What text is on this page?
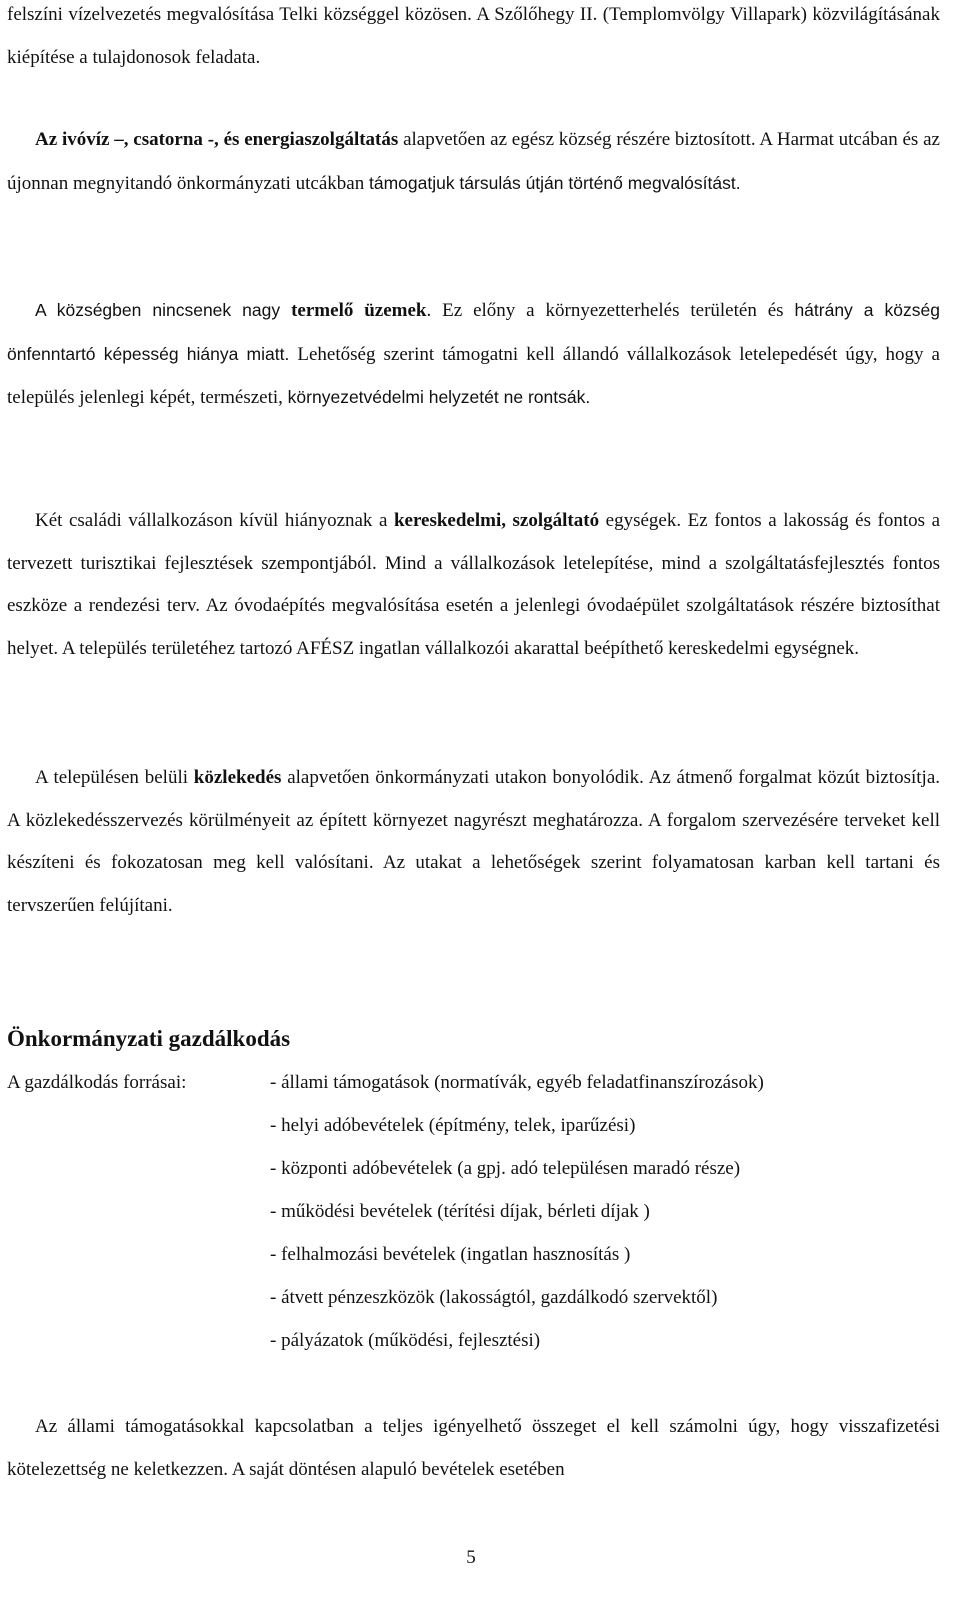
felszíni vízelvezetés megvalósítása Telki községgel közösen. A Szőlőhegy II. (Templomvölgy Villapark) közvilágításának kiépítése a tulajdonosok feladata.

Az ivóvíz –, csatorna -, és energiaszolgáltatás alapvetően az egész község részére biztosított. A Harmat utcában és az újonnan megnyitandó önkormányzati utcákban támogatjuk társulás útján történő megvalósítást.

A községben nincsenek nagy termelő üzemek. Ez előny a környezetterhelés területén és hátrány a község önfenntartó képesség hiánya miatt. Lehetőség szerint támogatni kell állandó vállalkozások letelepedését úgy, hogy a település jelenlegi képét, természeti, környezetvédelmi helyzetét ne rontsák.

Két családi vállalkozáson kívül hiányoznak a kereskedelmi, szolgáltató egységek. Ez fontos a lakosság és fontos a tervezett turisztikai fejlesztések szempontjából. Mind a vállalkozások letelepítése, mind a szolgáltatásfejlesztés fontos eszköze a rendezési terv. Az óvodaépítés megvalósítása esetén a jelenlegi óvodaépület szolgáltatások részére biztosíthat helyet. A település területéhez tartozó AFÉSZ ingatlan vállalkozói akarattal beépíthető kereskedelmi egységnek.

A településen belüli közlekedés alapvetően önkormányzati utakon bonyolódik. Az átmenő forgalmat közút biztosítja. A közlekedésszervezés körülményeit az épített környezet nagyrészt meghatározza. A forgalom szervezésére terveket kell készíteni és fokozatosan meg kell valósítani. Az utakat a lehetőségek szerint folyamatosan karban kell tartani és tervszerűen felújítani.

Önkormányzati gazdálkodás
A gazdálkodás forrásai:	- állami támogatások (normatívák, egyéb feladatfinanszírozások)
- helyi adóbevételek (építmény, telek, iparűzési)
- központi adóbevételek (a gpj. adó településen maradó része)
- működési bevételek (térítési díjak, bérleti díjak )
- felhalmozási bevételek (ingatlan hasznosítás )
- átvett pénzeszközök (lakosságtól, gazdálkodó szervektől)
- pályázatok (működési, fejlesztési)

Az állami támogatásokkal kapcsolatban a teljes igényelhető összeget el kell számolni úgy, hogy visszafizetési kötelezettség ne keletkezzen. A saját döntésen alapuló bevételek esetében

5
